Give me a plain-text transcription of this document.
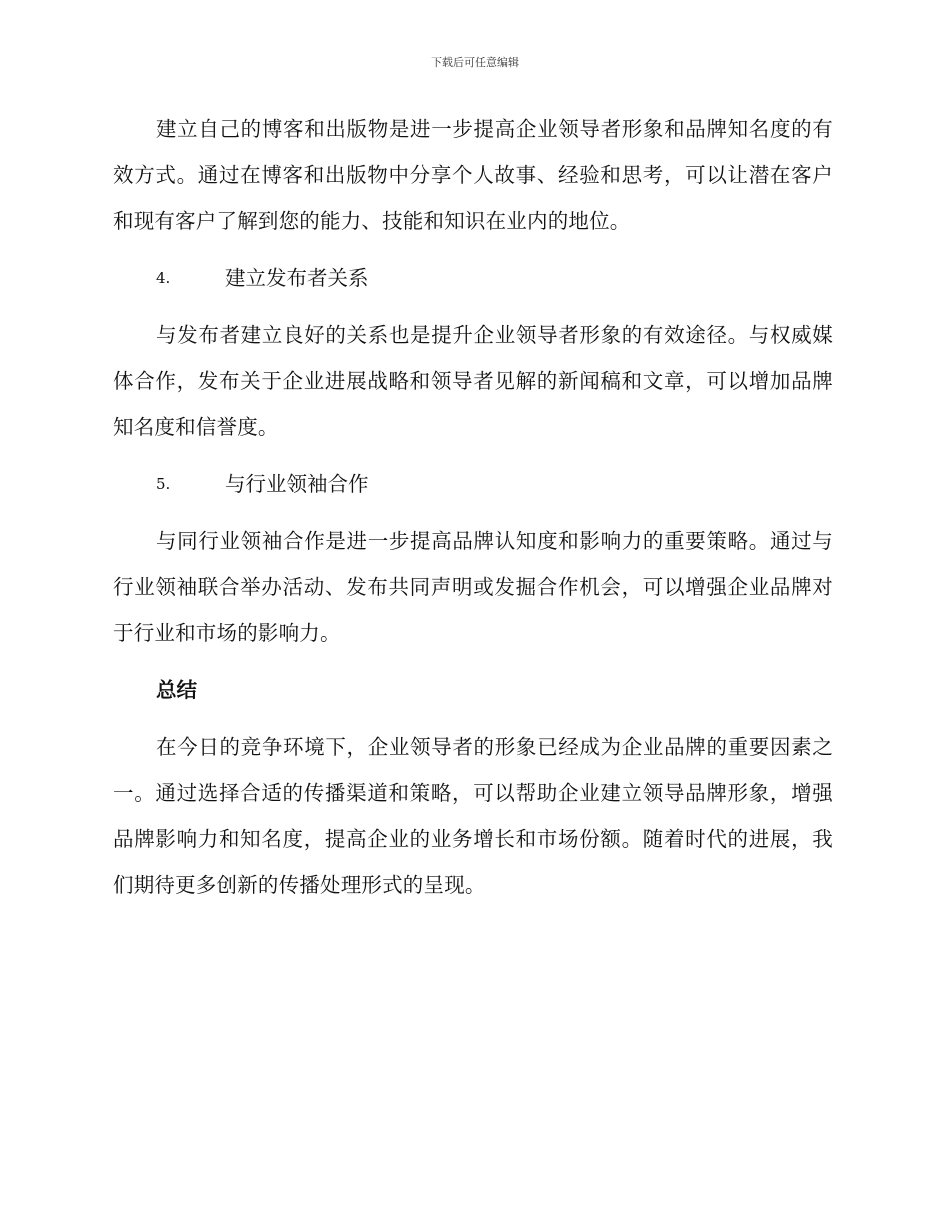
下载后可任意编辑

建立自己的博客和出版物是进一步提高企业领导者形象和品牌知名度的有效方式。通过在博客和出版物中分享个人故事、经验和思考，可以让潜在客户和现有客户了解到您的能力、技能和知识在业内的地位。

4.	建立发布者关系

与发布者建立良好的关系也是提升企业领导者形象的有效途径。与权威媒体合作，发布关于企业进展战略和领导者见解的新闻稿和文章，可以增加品牌知名度和信誉度。

5.	与行业领袖合作

与同行业领袖合作是进一步提高品牌认知度和影响力的重要策略。通过与行业领袖联合举办活动、发布共同声明或发掘合作机会，可以增强企业品牌对于行业和市场的影响力。

总结

在今日的竞争环境下，企业领导者的形象已经成为企业品牌的重要因素之一。通过选择合适的传播渠道和策略，可以帮助企业建立领导品牌形象，增强品牌影响力和知名度，提高企业的业务增长和市场份额。随着时代的进展，我们期待更多创新的传播处理形式的呈现。
